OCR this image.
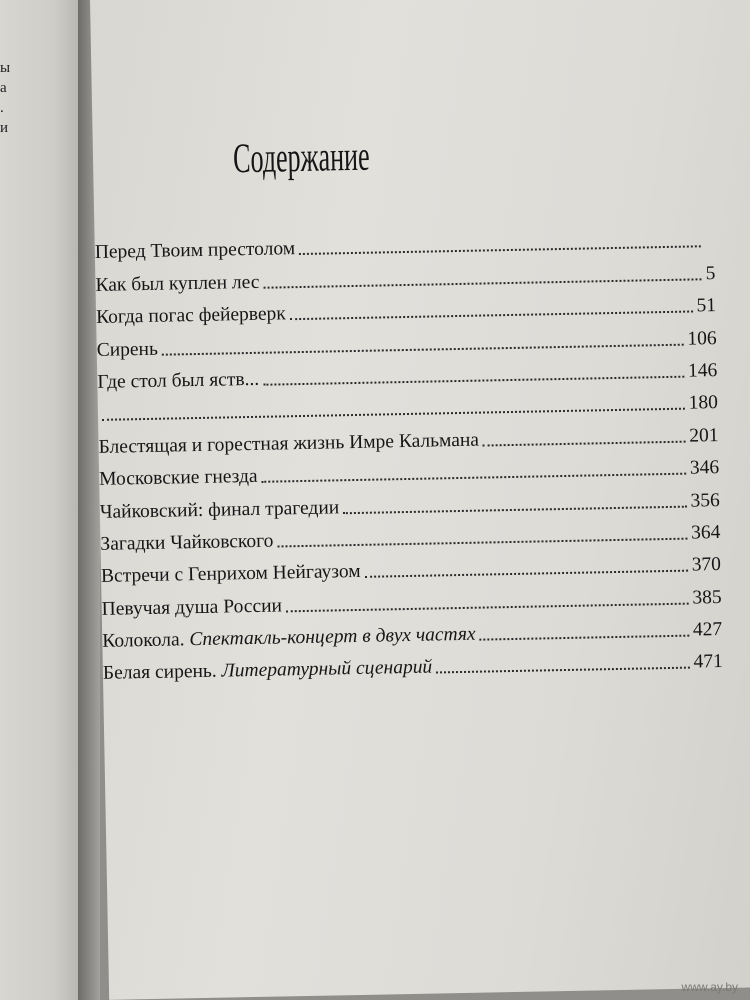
ы
а
.
и
Содержание
Перед Твоим престолом
Как был куплен лес	5
Когда погас фейерверк	51
Сирень	106
Где стол был яств...	146
180
Блестящая и горестная жизнь Имре Кальмана	201
Московские гнезда	346
Чайковский: финал трагедии	356
Загадки Чайковского	364
Встречи с Генрихом Нейгаузом	370
Певучая душа России	385
Колокола. Спектакль-концерт в двух частях	427
Белая сирень. Литературный сценарий	471
www.ay.by
